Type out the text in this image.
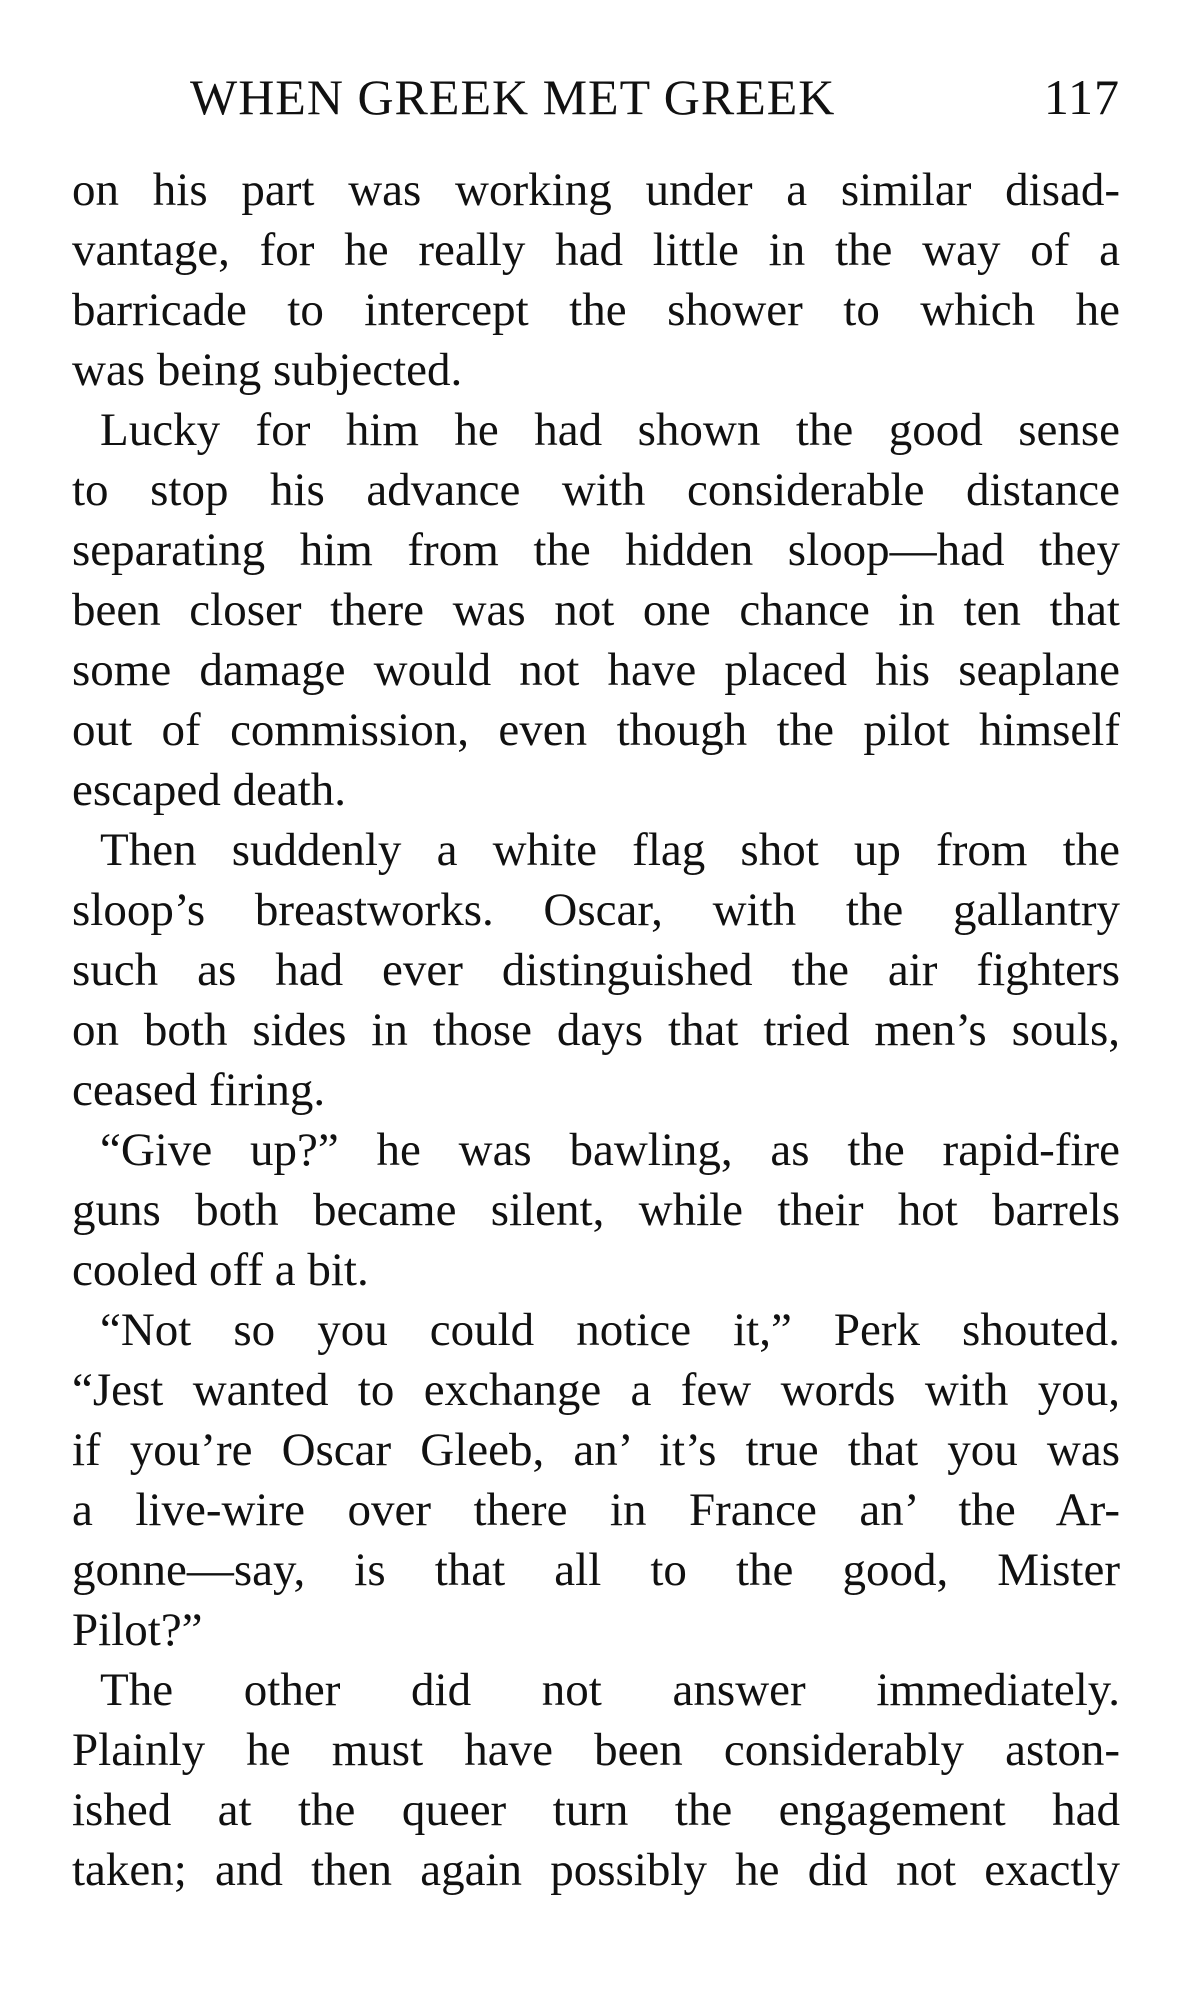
WHEN GREEK MET GREEK	117
on his part was working under a similar disad-
vantage, for he really had little in the way of a
barricade to intercept the shower to which he
was being subjected.
Lucky for him he had shown the good sense
to stop his advance with considerable distance
separating him from the hidden sloop—had they
been closer there was not one chance in ten that
some damage would not have placed his seaplane
out of commission, even though the pilot himself
escaped death.
Then suddenly a white flag shot up from the
sloop’s breastworks. Oscar, with the gallantry
such as had ever distinguished the air fighters
on both sides in those days that tried men’s souls,
ceased firing.
“Give up?” he was bawling, as the rapid-fire
guns both became silent, while their hot barrels
cooled off a bit.
“Not so you could notice it,” Perk shouted.
“Jest wanted to exchange a few words with you,
if you’re Oscar Gleeb, an’ it’s true that you was
a live-wire over there in France an’ the Ar-
gonne—say, is that all to the good, Mister
Pilot?”
The other did not answer immediately.
Plainly he must have been considerably aston-
ished at the queer turn the engagement had
taken; and then again possibly he did not exactly
